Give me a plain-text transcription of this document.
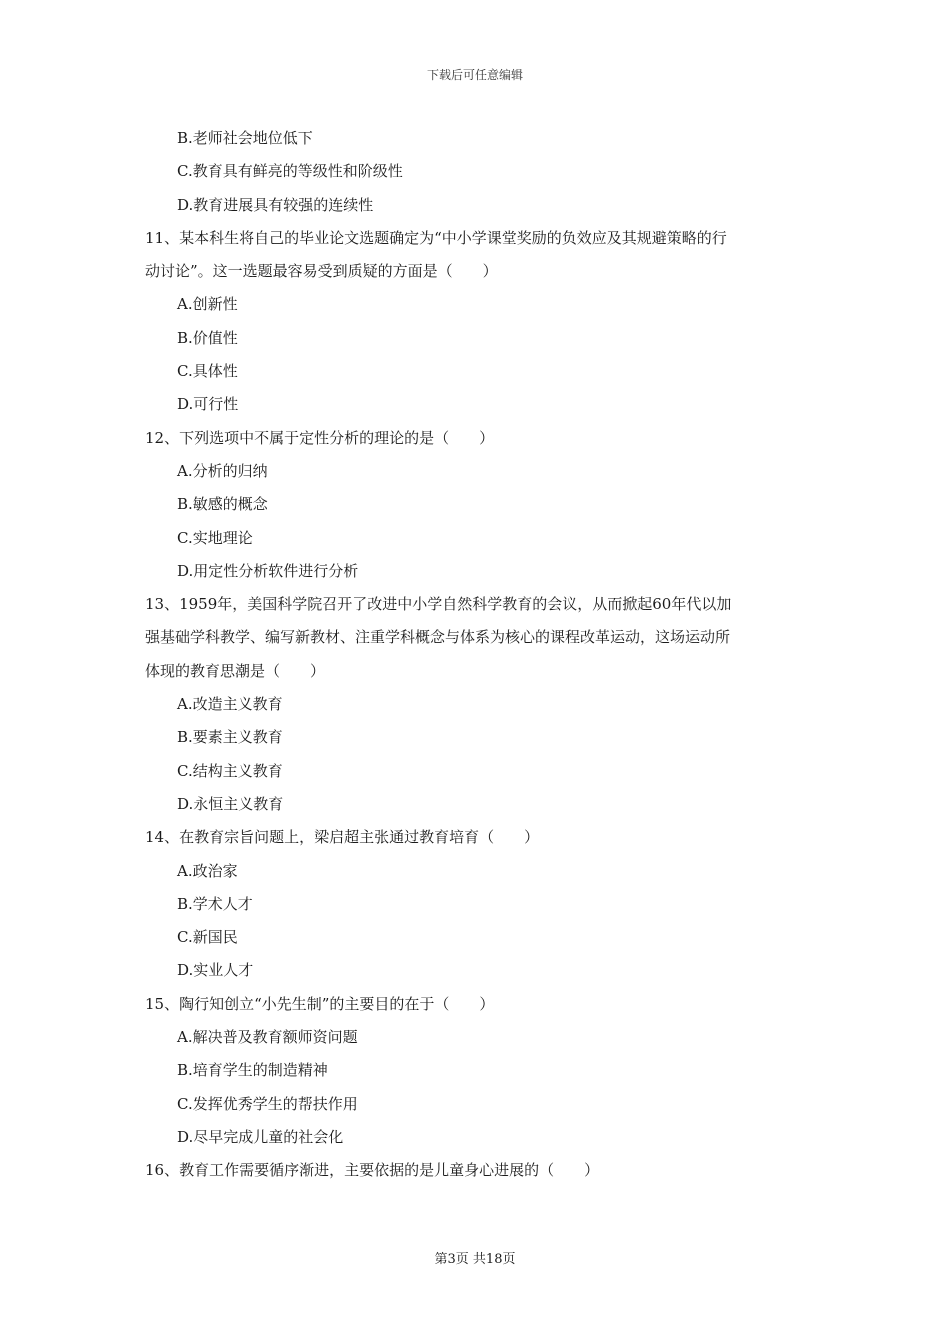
下载后可任意编辑
B.老师社会地位低下
C.教育具有鲜亮的等级性和阶级性
D.教育进展具有较强的连续性
11、某本科生将自己的毕业论文选题确定为“中小学课堂奖励的负效应及其规避策略的行
动讨论”。这一选题最容易受到质疑的方面是（　　）
A.创新性
B.价值性
C.具体性
D.可行性
12、下列选项中不属于定性分析的理论的是（　　）
A.分析的归纳
B.敏感的概念
C.实地理论
D.用定性分析软件进行分析
13、1959年，美国科学院召开了改进中小学自然科学教育的会议，从而掀起60年代以加
强基础学科教学、编写新教材、注重学科概念与体系为核心的课程改革运动，这场运动所
体现的教育思潮是（　　）
A.改造主义教育
B.要素主义教育
C.结构主义教育
D.永恒主义教育
14、在教育宗旨问题上，梁启超主张通过教育培育（　　）
A.政治家
B.学术人才
C.新国民
D.实业人才
15、陶行知创立“小先生制”的主要目的在于（　　）
A.解决普及教育额师资问题
B.培育学生的制造精神
C.发挥优秀学生的帮扶作用
D.尽早完成儿童的社会化
16、教育工作需要循序渐进，主要依据的是儿童身心进展的（　　）
第3页 共18页
